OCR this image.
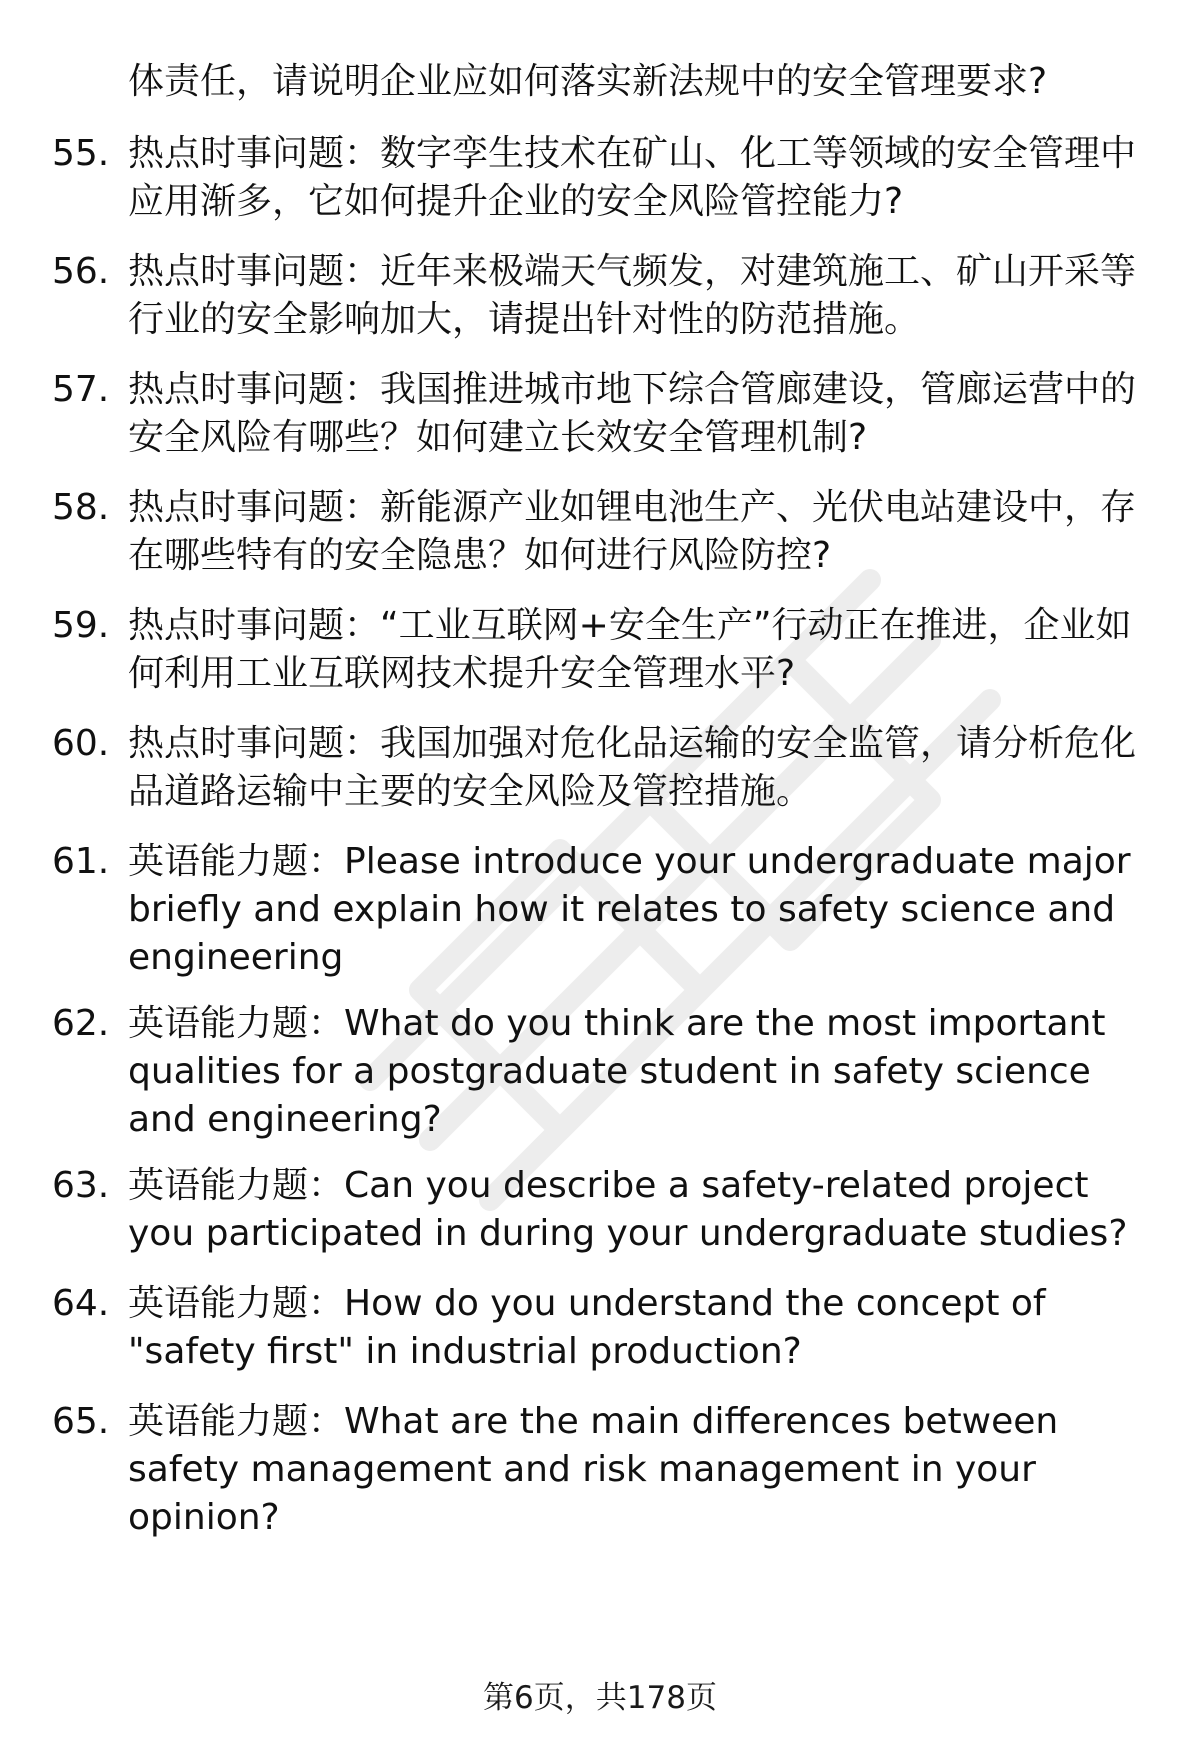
体责任，请说明企业应如何落实新法规中的安全管理要求?
55. 热点时事问题：数字孪生技术在矿山、化工等领域的安全管理中应用渐多，它如何提升企业的安全风险管控能力?
56. 热点时事问题：近年来极端天气频发，对建筑施工、矿山开采等行业的安全影响加大，请提出针对性的防范措施。
57. 热点时事问题：我国推进城市地下综合管廊建设，管廊运营中的安全风险有哪些？如何建立长效安全管理机制?
58. 热点时事问题：新能源产业如锂电池生产、光伏电站建设中，存在哪些特有的安全隐患？如何进行风险防控?
59. 热点时事问题：“工业互联网+安全生产”行动正在推进，企业如何利用工业互联网技术提升安全管理水平?
60. 热点时事问题：我国加强对危化品运输的安全监管，请分析危化品道路运输中主要的安全风险及管控措施。
61. 英语能力题：Please introduce your undergraduate major briefly and explain how it relates to safety science and engineering
62. 英语能力题：What do you think are the most important qualities for a postgraduate student in safety science and engineering?
63. 英语能力题：Can you describe a safety-related project you participated in during your undergraduate studies?
64. 英语能力题：How do you understand the concept of "safety first" in industrial production?
65. 英语能力题：What are the main differences between safety management and risk management in your opinion?
第6页，共178页
